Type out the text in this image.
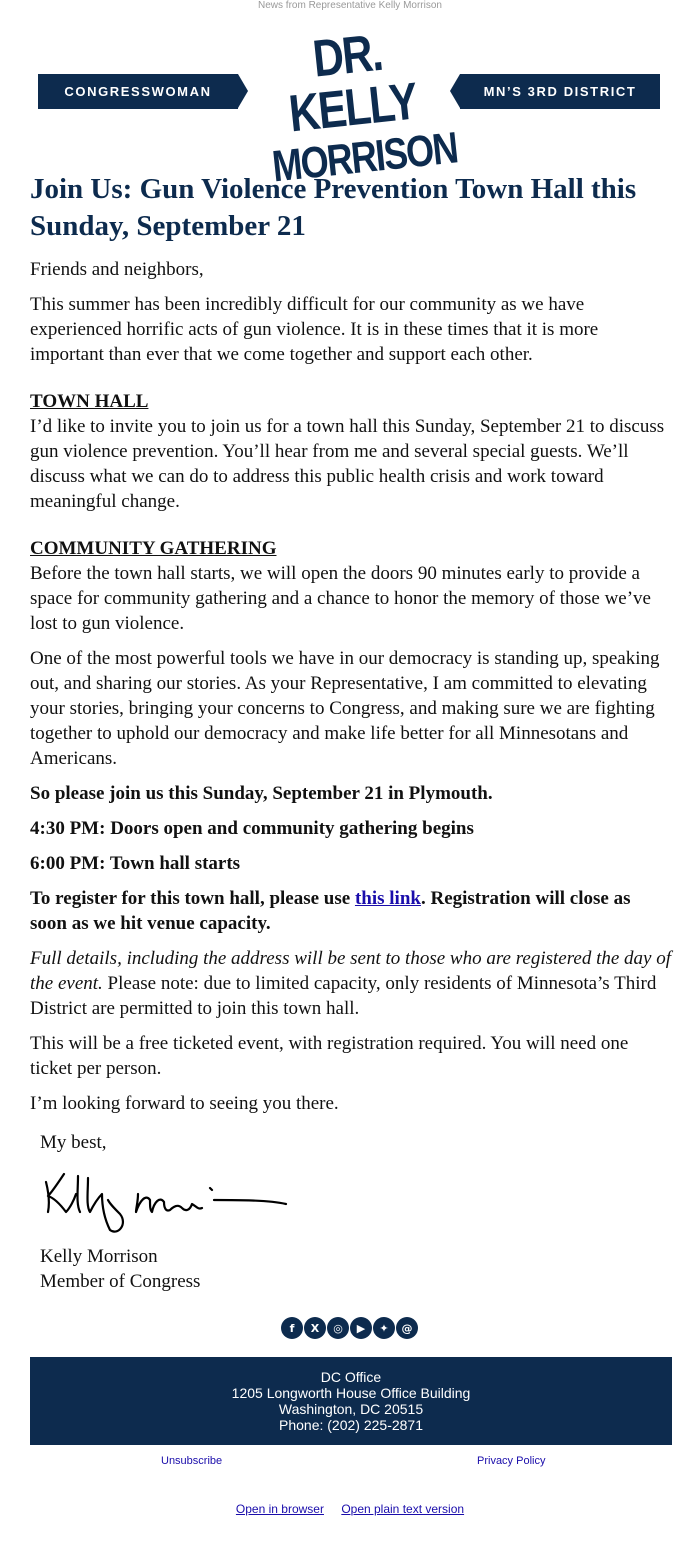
News from Representative Kelly Morrison
CONGRESSWOMAN
DR. KELLY
MORRISON
MN’S 3RD DISTRICT
Join Us: Gun Violence Prevention Town Hall this Sunday, September 21

Friends and neighbors,

This summer has been incredibly difficult for our community as we have experienced horrific acts of gun violence. It is in these times that it is more important than ever that we come together and support each other.

TOWN HALL

I’d like to invite you to join us for a town hall this Sunday, September 21 to discuss gun violence prevention. You’ll hear from me and several special guests. We’ll discuss what we can do to address this public health crisis and work toward meaningful change.

COMMUNITY GATHERING

Before the town hall starts, we will open the doors 90 minutes early to provide a space for community gathering and a chance to honor the memory of those we’ve lost to gun violence.

One of the most powerful tools we have in our democracy is standing up, speaking out, and sharing our stories. As your Representative, I am committed to elevating your stories, bringing your concerns to Congress, and making sure we are fighting together to uphold our democracy and make life better for all Minnesotans and Americans.

So please join us this Sunday, September 21 in Plymouth.

4:30 PM: Doors open and community gathering begins

6:00 PM: Town hall starts

To register for this town hall, please use this link. Registration will close as soon as we hit venue capacity.

Full details, including the address will be sent to those who are registered the day of the event. Please note: due to limited capacity, only residents of Minnesota’s Third District are permitted to join this town hall.

This will be a free ticketed event, with registration required. You will need one ticket per person.

I’m looking forward to seeing you there.

My best,
Kelly Morrison
Member of Congress
f	X	◎	▶	✦	@
DC Office
1205 Longworth House Office Building
Washington, DC 20515
Phone: (202) 225-2871
Unsubscribe	Privacy Policy
Open in browser Open plain text version
